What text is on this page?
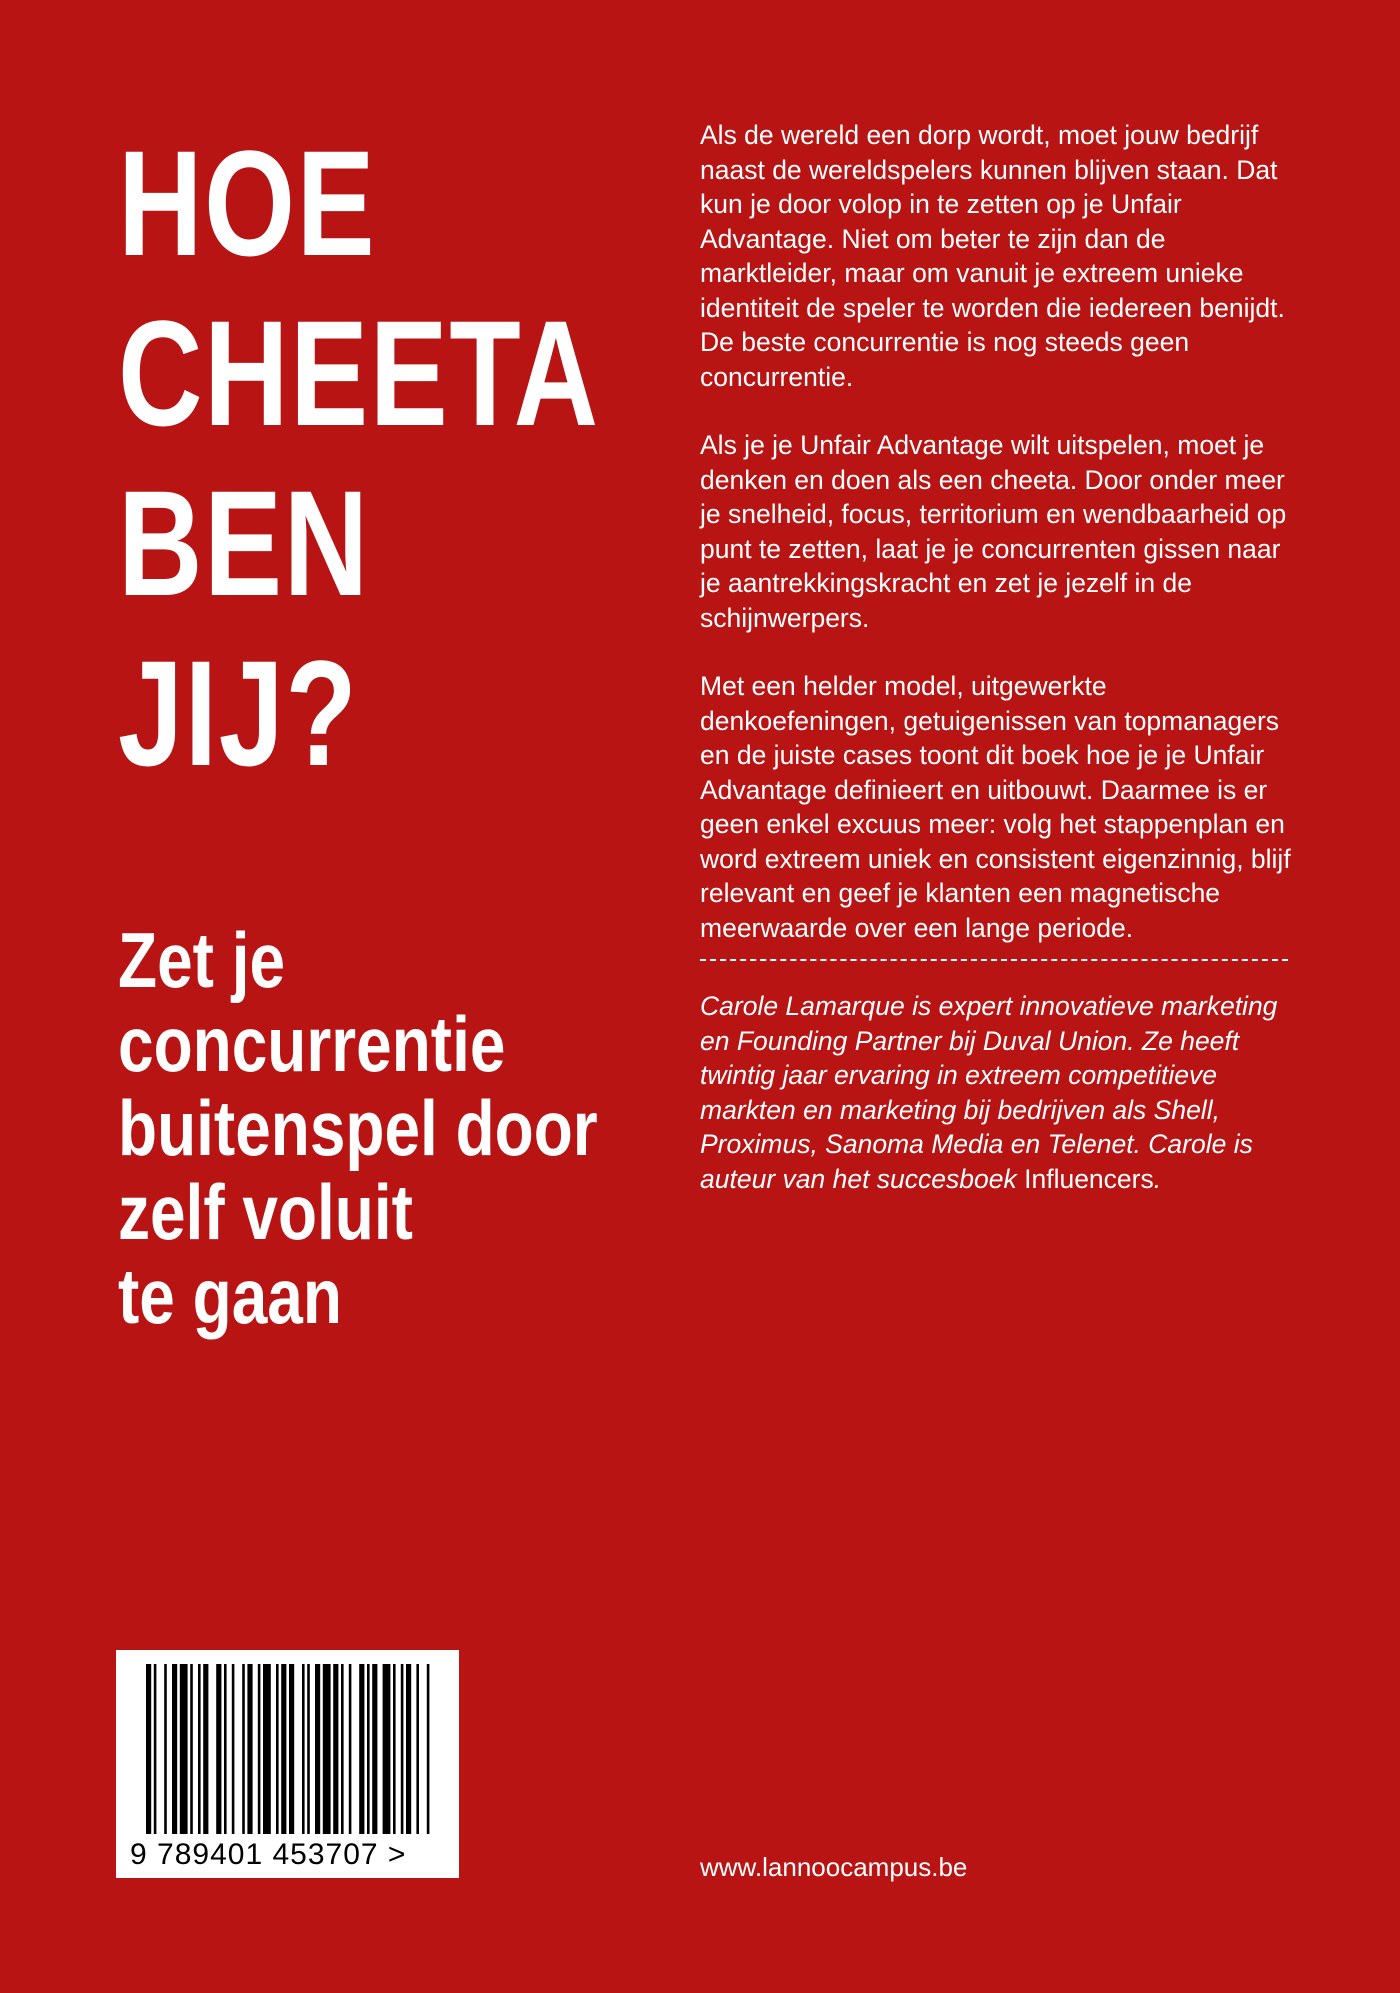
HOE
CHEETA
BEN
JIJ?
Zet je
concurrentie
buitenspel door
zelf voluit
te gaan

Als de wereld een dorp wordt, moet jouw bedrijf naast de wereldspelers kunnen blijven staan. Dat kun je door volop in te zetten op je Unfair Advantage. Niet om beter te zijn dan de marktleider, maar om vanuit je extreem unieke identiteit de speler te worden die iedereen benijdt. De beste concurrentie is nog steeds geen concurrentie.

Als je je Unfair Advantage wilt uitspelen, moet je denken en doen als een cheeta. Door onder meer je snelheid, focus, territorium en wendbaarheid op punt te zetten, laat je je concurrenten gissen naar je aantrekkingskracht en zet je jezelf in de schijnwerpers.

Met een helder model, uitgewerkte denkoefeningen, getuigenissen van topmanagers en de juiste cases toont dit boek hoe je je Unfair Advantage definieert en uitbouwt. Daarmee is er geen enkel excuus meer: volg het stappenplan en word extreem uniek en consistent eigenzinnig, blijf relevant en geef je klanten een magnetische meerwaarde over een lange periode.

Carole Lamarque is expert innovatieve marketing en Founding Partner bij Duval Union. Ze heeft twintig jaar ervaring in extreem competitieve markten en marketing bij bedrijven als Shell, Proximus, Sanoma Media en Telenet. Carole is auteur van het succesboek Influencers.

9 789401 453707 >	www.lannoocampus.be
